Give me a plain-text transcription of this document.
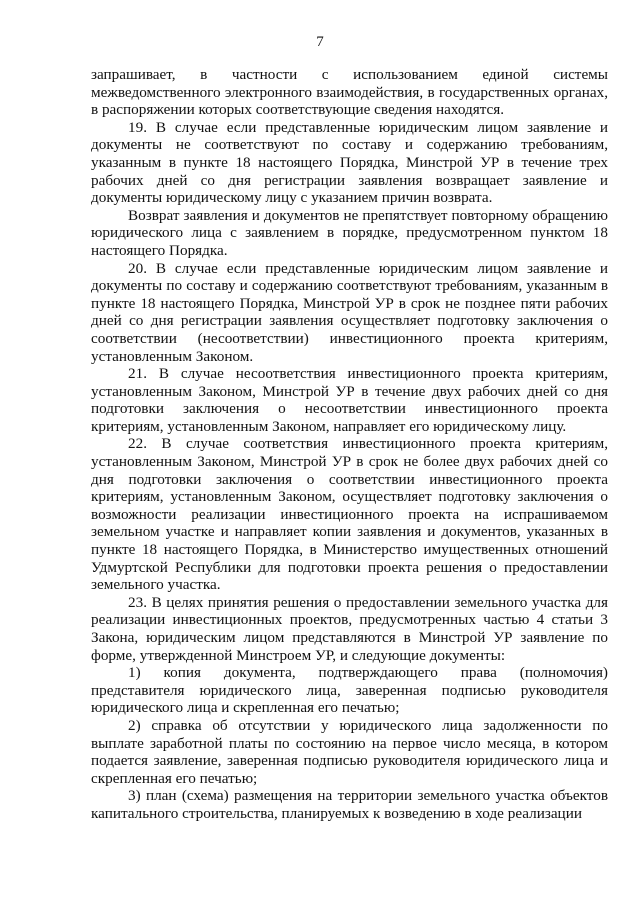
7

запрашивает, в частности с использованием единой системы межведомственного электронного взаимодействия, в государственных органах, в распоряжении которых соответствующие сведения находятся.

19. В случае если представленные юридическим лицом заявление и документы не соответствуют по составу и содержанию требованиям, указанным в пункте 18 настоящего Порядка, Минстрой УР в течение трех рабочих дней со дня регистрации заявления возвращает заявление и документы юридическому лицу с указанием причин возврата.

Возврат заявления и документов не препятствует повторному обращению юридического лица с заявлением в порядке, предусмотренном пунктом 18 настоящего Порядка.

20. В случае если представленные юридическим лицом заявление и документы по составу и содержанию соответствуют требованиям, указанным в пункте 18 настоящего Порядка, Минстрой УР в срок не позднее пяти рабочих дней со дня регистрации заявления осуществляет подготовку заключения о соответствии (несоответствии) инвестиционного проекта критериям, установленным Законом.

21. В случае несоответствия инвестиционного проекта критериям, установленным Законом, Минстрой УР в течение двух рабочих дней со дня подготовки заключения о несоответствии инвестиционного проекта критериям, установленным Законом, направляет его юридическому лицу.

22. В случае соответствия инвестиционного проекта критериям, установленным Законом, Минстрой УР в срок не более двух рабочих дней со дня подготовки заключения о соответствии инвестиционного проекта критериям, установленным Законом, осуществляет подготовку заключения о возможности реализации инвестиционного проекта на испрашиваемом земельном участке и направляет копии заявления и документов, указанных в пункте 18 настоящего Порядка, в Министерство имущественных отношений Удмуртской Республики для подготовки проекта решения о предоставлении земельного участка.

23. В целях принятия решения о предоставлении земельного участка для реализации инвестиционных проектов, предусмотренных частью 4 статьи 3 Закона, юридическим лицом представляются в Минстрой УР заявление по форме, утвержденной Минстроем УР, и следующие документы:

1) копия документа, подтверждающего права (полномочия) представителя юридического лица, заверенная подписью руководителя юридического лица и скрепленная его печатью;

2) справка об отсутствии у юридического лица задолженности по выплате заработной платы по состоянию на первое число месяца, в котором подается заявление, заверенная подписью руководителя юридического лица и скрепленная его печатью;

3) план (схема) размещения на территории земельного участка объектов капитального строительства, планируемых к возведению в ходе реализации
